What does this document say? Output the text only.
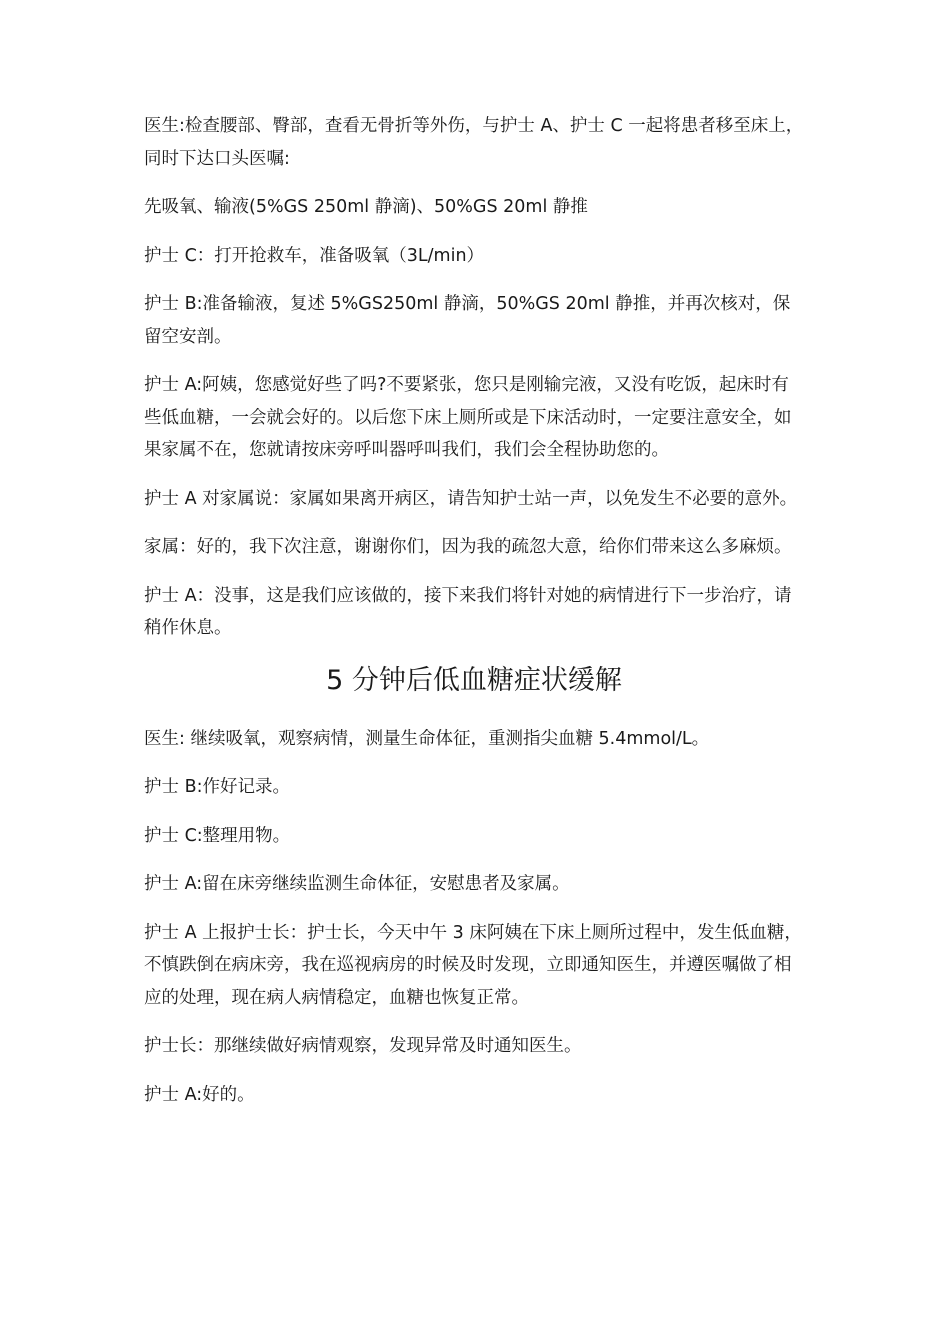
医生:检查腰部、臀部，查看无骨折等外伤，与护士 A、护士 C 一起将患者移至床上，同时下达口头医嘱:

先吸氧、输液(5%GS 250ml 静滴)、50%GS 20ml 静推

护士 C：打开抢救车，准备吸氧（3L/min）

护士 B:准备输液，复述 5%GS250ml 静滴，50%GS 20ml 静推，并再次核对，保留空安剖。

护士 A:阿姨，您感觉好些了吗?不要紧张，您只是刚输完液，又没有吃饭，起床时有些低血糖，一会就会好的。以后您下床上厕所或是下床活动时，一定要注意安全，如果家属不在，您就请按床旁呼叫器呼叫我们，我们会全程协助您的。

护士 A 对家属说：家属如果离开病区，请告知护士站一声，以免发生不必要的意外。

家属：好的，我下次注意，谢谢你们，因为我的疏忽大意，给你们带来这么多麻烦。

护士 A：没事，这是我们应该做的，接下来我们将针对她的病情进行下一步治疗，请稍作休息。

5 分钟后低血糖症状缓解

医生: 继续吸氧，观察病情，测量生命体征，重测指尖血糖 5.4mmol/L。

护士 B:作好记录。

护士 C:整理用物。

护士 A:留在床旁继续监测生命体征，安慰患者及家属。

护士 A 上报护士长：护士长，今天中午 3 床阿姨在下床上厕所过程中，发生低血糖，不慎跌倒在病床旁，我在巡视病房的时候及时发现，立即通知医生，并遵医嘱做了相应的处理，现在病人病情稳定，血糖也恢复正常。

护士长：那继续做好病情观察，发现异常及时通知医生。

护士 A:好的。
